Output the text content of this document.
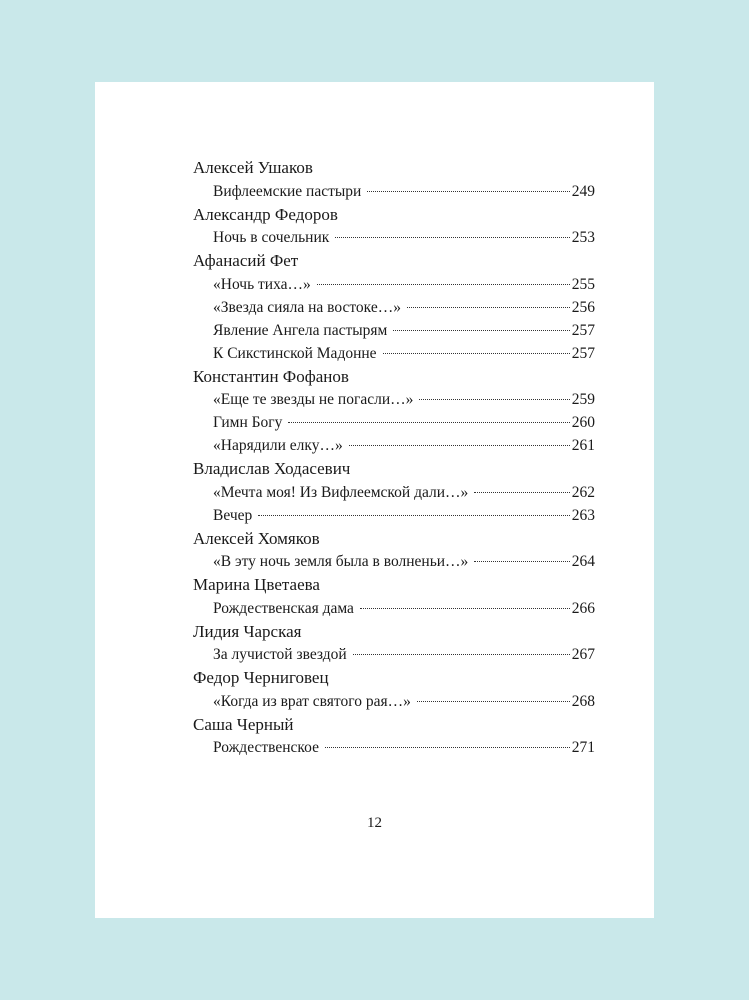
Алексей Ушаков
Вифлеемские пастыри	249
Александр Федоров
Ночь в сочельник	253
Афанасий Фет
«Ночь тиха…»	255
«Звезда сияла на востоке…»	256
Явление Ангела пастырям	257
К Сикстинской Мадонне	257
Константин Фофанов
«Еще те звезды не погасли…»	259
Гимн Богу	260
«Нарядили елку…»	261
Владислав Ходасевич
«Мечта моя! Из Вифлеемской дали…»	262
Вечер	263
Алексей Хомяков
«В эту ночь земля была в волненьи…»	264
Марина Цветаева
Рождественская дама	266
Лидия Чарская
За лучистой звездой	267
Федор Черниговец
«Когда из врат святого рая…»	268
Саша Черный
Рождественское	271
12
